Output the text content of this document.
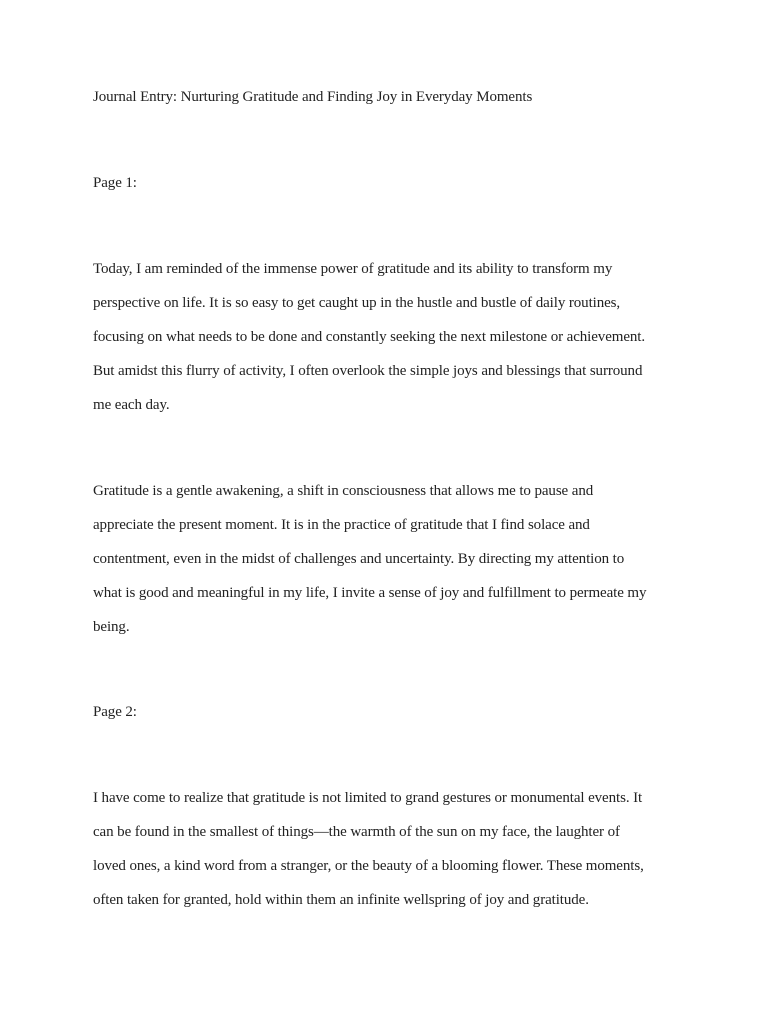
Journal Entry: Nurturing Gratitude and Finding Joy in Everyday Moments

Page 1:

Today, I am reminded of the immense power of gratitude and its ability to transform my
perspective on life. It is so easy to get caught up in the hustle and bustle of daily routines,
focusing on what needs to be done and constantly seeking the next milestone or achievement.
But amidst this flurry of activity, I often overlook the simple joys and blessings that surround
me each day.
Gratitude is a gentle awakening, a shift in consciousness that allows me to pause and
appreciate the present moment. It is in the practice of gratitude that I find solace and
contentment, even in the midst of challenges and uncertainty. By directing my attention to
what is good and meaningful in my life, I invite a sense of joy and fulfillment to permeate my
being.

Page 2:

I have come to realize that gratitude is not limited to grand gestures or monumental events. It
can be found in the smallest of things—the warmth of the sun on my face, the laughter of
loved ones, a kind word from a stranger, or the beauty of a blooming flower. These moments,
often taken for granted, hold within them an infinite wellspring of joy and gratitude.
